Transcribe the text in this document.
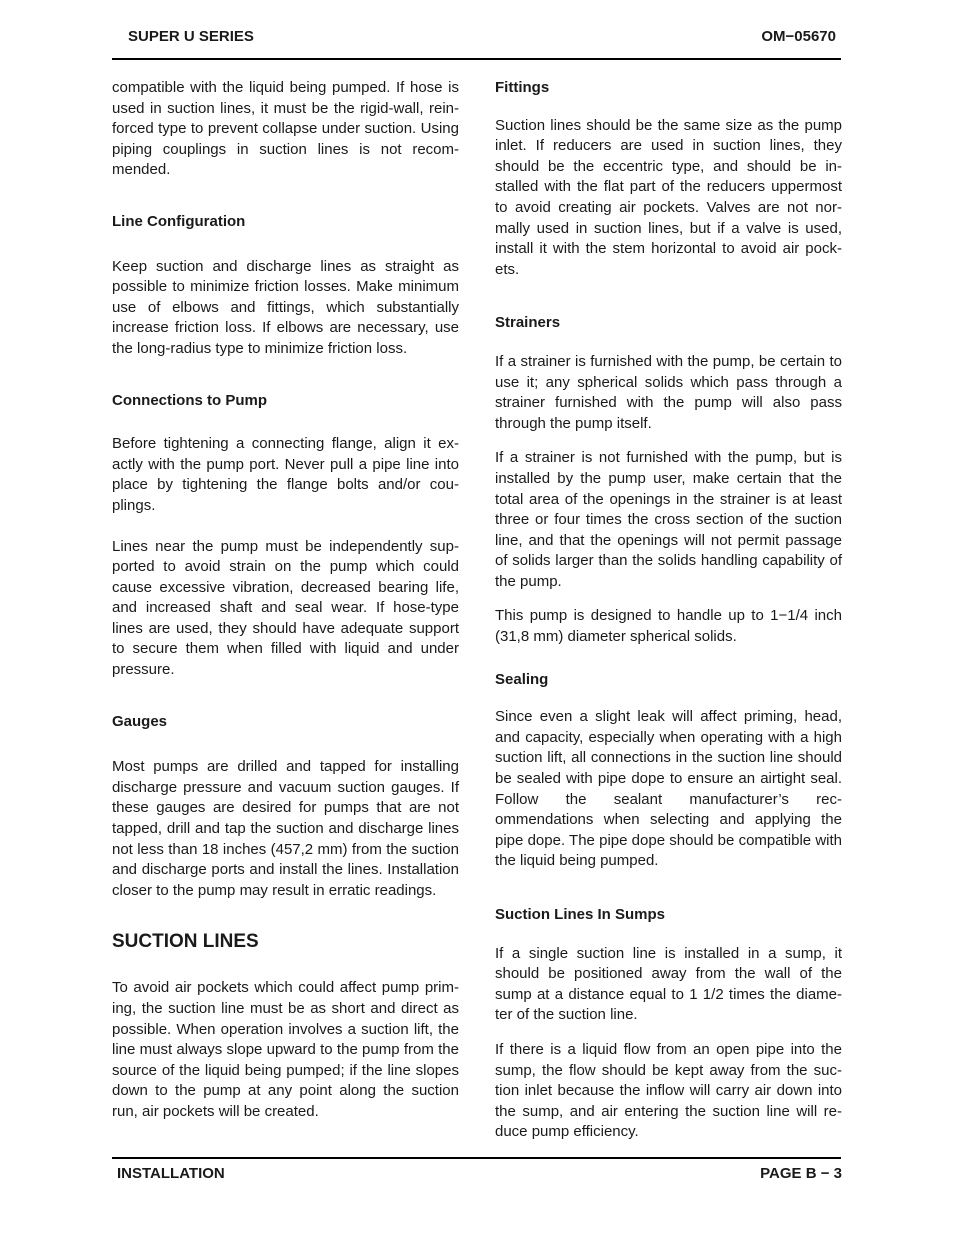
SUPER U SERIES	OM−05670

compatible with the liquid being pumped. If hose is used in suction lines, it must be the rigid-wall, reinforced type to prevent collapse under suction. Using piping couplings in suction lines is not recommended.

Line Configuration

Keep suction and discharge lines as straight as possible to minimize friction losses. Make minimum use of elbows and fittings, which substantially increase friction loss. If elbows are necessary, use the long-radius type to minimize friction loss.

Connections to Pump

Before tightening a connecting flange, align it exactly with the pump port. Never pull a pipe line into place by tightening the flange bolts and/or couplings.

Lines near the pump must be independently supported to avoid strain on the pump which could cause excessive vibration, decreased bearing life, and increased shaft and seal wear. If hose-type lines are used, they should have adequate support to secure them when filled with liquid and under pressure.

Gauges

Most pumps are drilled and tapped for installing discharge pressure and vacuum suction gauges. If these gauges are desired for pumps that are not tapped, drill and tap the suction and discharge lines not less than 18 inches (457,2 mm) from the suction and discharge ports and install the lines. Installation closer to the pump may result in erratic readings.

SUCTION LINES

To avoid air pockets which could affect pump priming, the suction line must be as short and direct as possible. When operation involves a suction lift, the line must always slope upward to the pump from the source of the liquid being pumped; if the line slopes down to the pump at any point along the suction run, air pockets will be created.

Fittings

Suction lines should be the same size as the pump inlet. If reducers are used in suction lines, they should be the eccentric type, and should be installed with the flat part of the reducers uppermost to avoid creating air pockets. Valves are not normally used in suction lines, but if a valve is used, install it with the stem horizontal to avoid air pockets.

Strainers

If a strainer is furnished with the pump, be certain to use it; any spherical solids which pass through a strainer furnished with the pump will also pass through the pump itself.

If a strainer is not furnished with the pump, but is installed by the pump user, make certain that the total area of the openings in the strainer is at least three or four times the cross section of the suction line, and that the openings will not permit passage of solids larger than the solids handling capability of the pump.

This pump is designed to handle up to 1−1/4 inch (31,8 mm) diameter spherical solids.

Sealing

Since even a slight leak will affect priming, head, and capacity, especially when operating with a high suction lift, all connections in the suction line should be sealed with pipe dope to ensure an airtight seal. Follow the sealant manufacturer’s recommendations when selecting and applying the pipe dope. The pipe dope should be compatible with the liquid being pumped.

Suction Lines In Sumps

If a single suction line is installed in a sump, it should be positioned away from the wall of the sump at a distance equal to 1 1/2 times the diameter of the suction line.

If there is a liquid flow from an open pipe into the sump, the flow should be kept away from the suction inlet because the inflow will carry air down into the sump, and air entering the suction line will reduce pump efficiency.

INSTALLATION	PAGE B − 3
